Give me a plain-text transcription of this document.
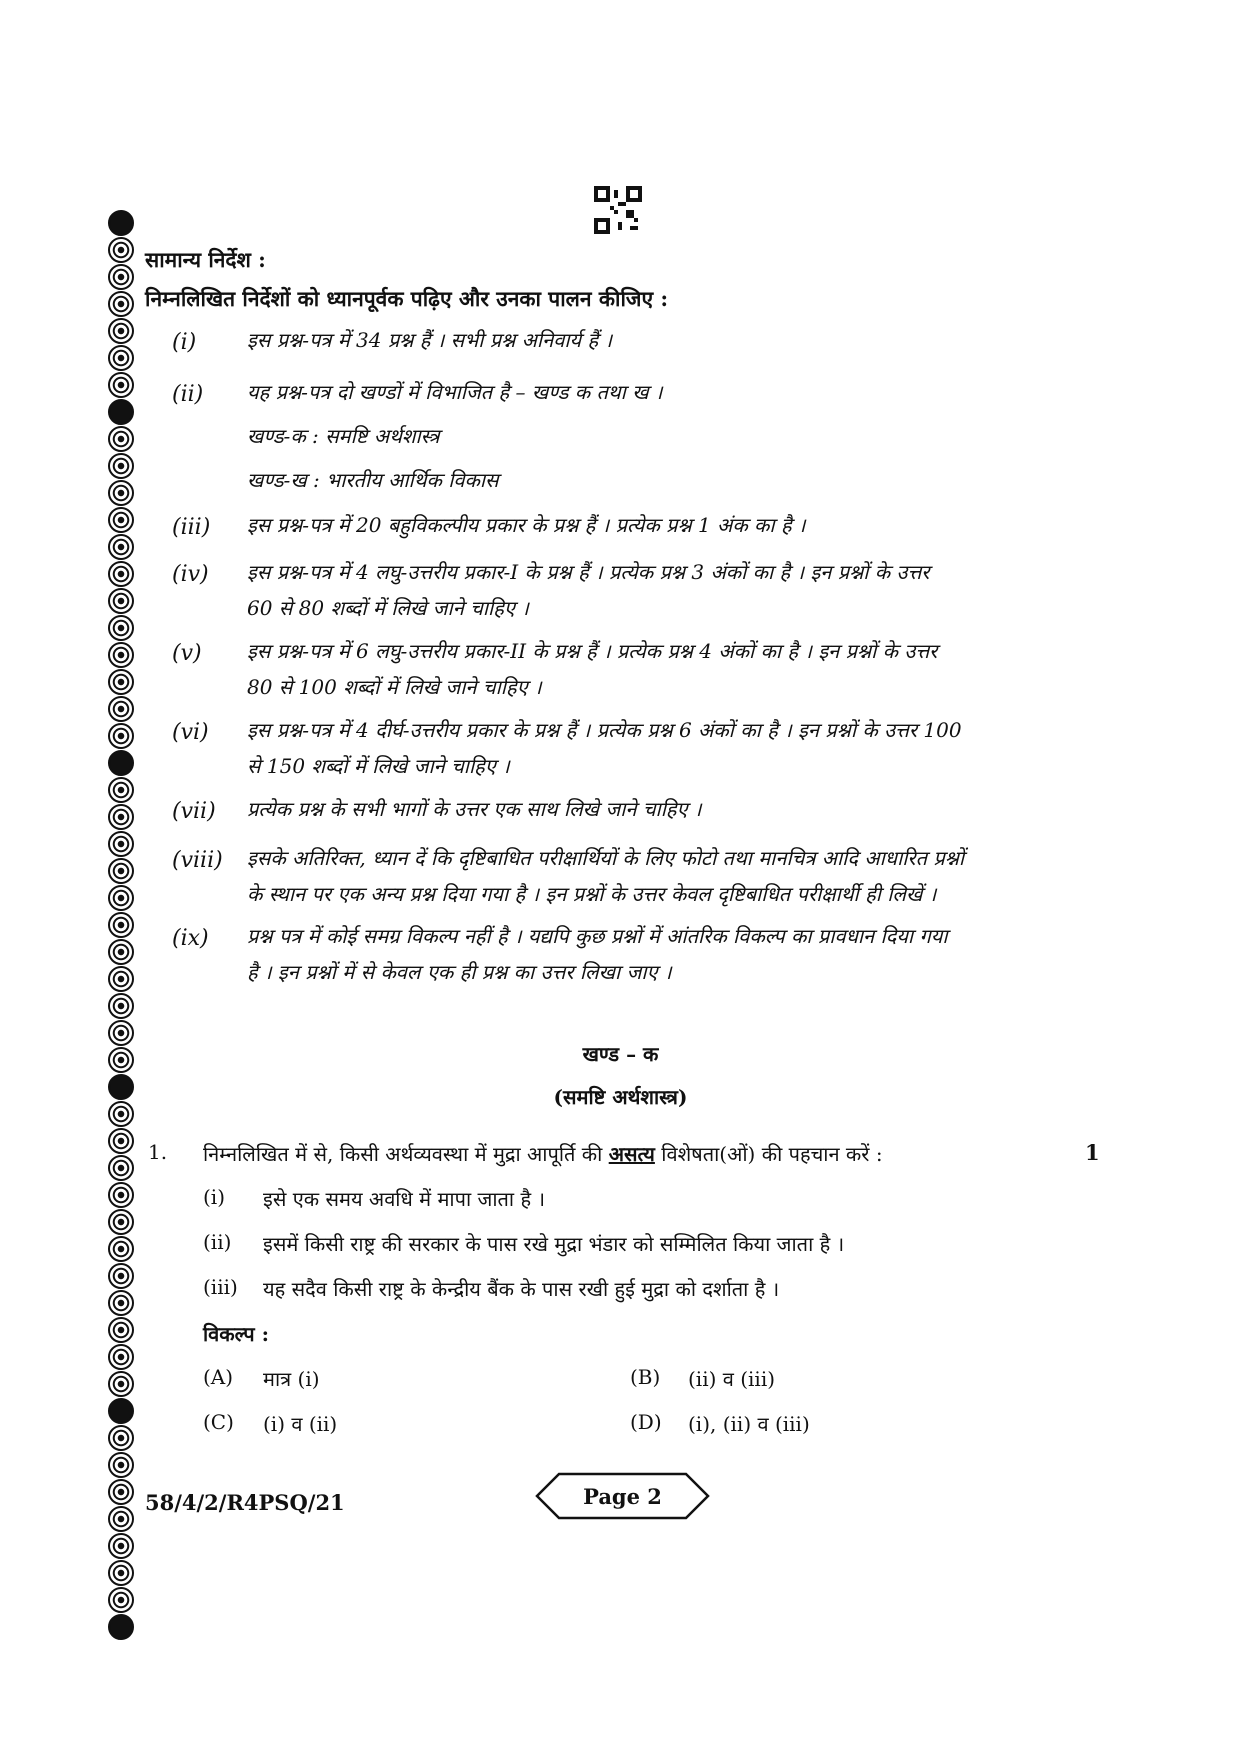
सामान्य निर्देश :
निम्नलिखित निर्देशों को ध्यानपूर्वक पढ़िए और उनका पालन कीजिए :
(i)	इस प्रश्न-पत्र में 34 प्रश्न हैं । सभी प्रश्न अनिवार्य हैं ।
(ii) यह प्रश्न-पत्र दो खण्डों में विभाजित है – खण्ड क तथा ख ।
खण्ड-क : समष्टि अर्थशास्त्र
खण्ड-ख : भारतीय आर्थिक विकास
(iii) इस प्रश्न-पत्र में 20 बहुविकल्पीय प्रकार के प्रश्न हैं । प्रत्येक प्रश्न 1 अंक का है ।
(iv) इस प्रश्न-पत्र में 4 लघु-उत्तरीय प्रकार-I के प्रश्न हैं । प्रत्येक प्रश्न 3 अंकों का है । इन प्रश्नों के उत्तर
60 से 80 शब्दों में लिखे जाने चाहिए ।
(v) इस प्रश्न-पत्र में 6 लघु-उत्तरीय प्रकार-II के प्रश्न हैं । प्रत्येक प्रश्न 4 अंकों का है । इन प्रश्नों के उत्तर
80 से 100 शब्दों में लिखे जाने चाहिए ।
(vi) इस प्रश्न-पत्र में 4 दीर्घ-उत्तरीय प्रकार के प्रश्न हैं । प्रत्येक प्रश्न 6 अंकों का है । इन प्रश्नों के उत्तर 100
से 150 शब्दों में लिखे जाने चाहिए ।
(vii) प्रत्येक प्रश्न के सभी भागों के उत्तर एक साथ लिखे जाने चाहिए ।
(viii) इसके अतिरिक्त, ध्यान दें कि दृष्टिबाधित परीक्षार्थियों के लिए फोटो तथा मानचित्र आदि आधारित प्रश्नों
के स्थान पर एक अन्य प्रश्न दिया गया है । इन प्रश्नों के उत्तर केवल दृष्टिबाधित परीक्षार्थी ही लिखें ।
(ix) प्रश्न पत्र में कोई समग्र विकल्प नहीं है । यद्यपि कुछ प्रश्नों में आंतरिक विकल्प का प्रावधान दिया गया
है । इन प्रश्नों में से केवल एक ही प्रश्न का उत्तर लिखा जाए ।
खण्ड – क
(समष्टि अर्थशास्त्र)
1. निम्नलिखित में से, किसी अर्थव्यवस्था में मुद्रा आपूर्ति की असत्य विशेषता(ओं) की पहचान करें :	1
(i) इसे एक समय अवधि में मापा जाता है ।
(ii) इसमें किसी राष्ट्र की सरकार के पास रखे मुद्रा भंडार को सम्मिलित किया जाता है ।
(iii) यह सदैव किसी राष्ट्र के केन्द्रीय बैंक के पास रखी हुई मुद्रा को दर्शाता है ।
विकल्प :
(A) मात्र (i)	(B) (ii) व (iii)
(C) (i) व (ii)	(D) (i), (ii) व (iii)
58/4/2/R4PSQ/21	Page 2
